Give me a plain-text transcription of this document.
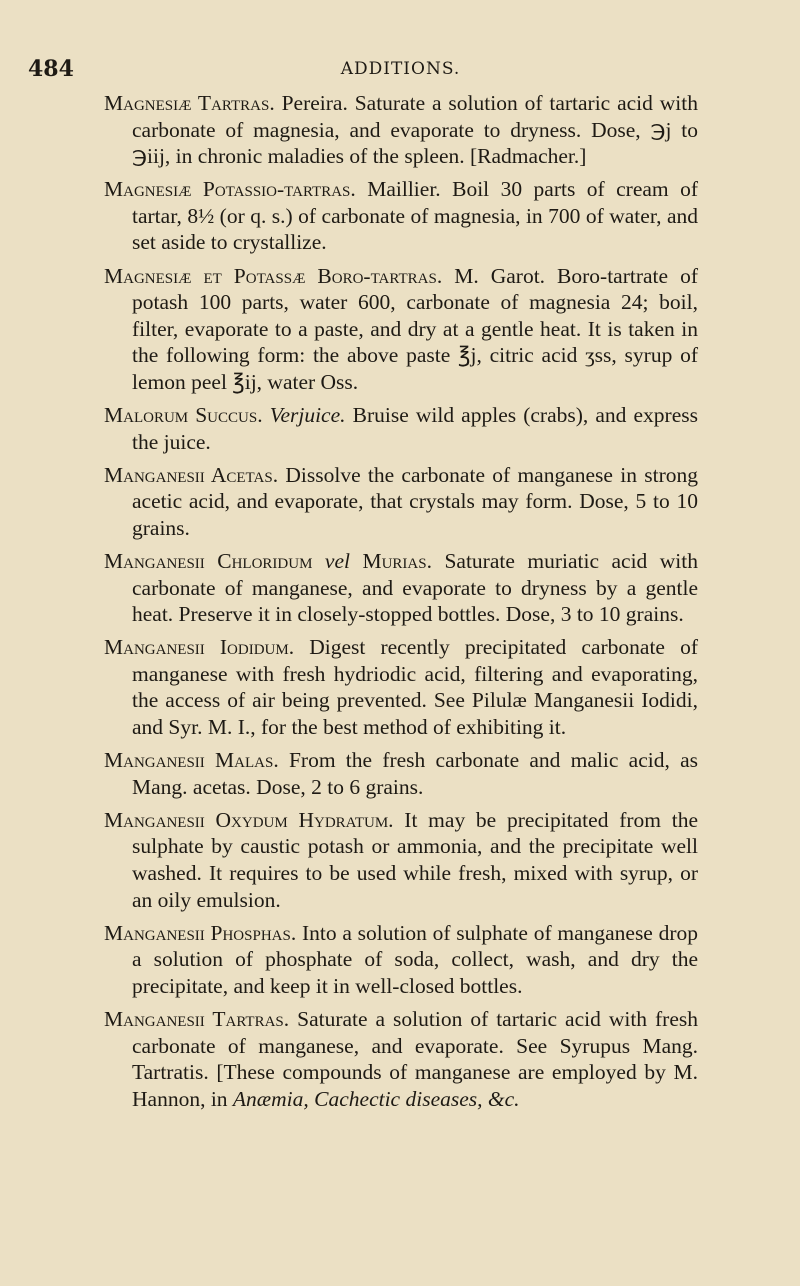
484	ADDITIONS.

Magnesiæ Tartras. Pereira. Saturate a solution of tartaric acid with carbonate of magnesia, and evaporate to dryness. Dose, ℈j to ℈iij, in chronic maladies of the spleen. [Radmacher.]

Magnesiæ Potassio-tartras. Maillier. Boil 30 parts of cream of tartar, 8½ (or q. s.) of carbonate of magnesia, in 700 of water, and set aside to crystallize.

Magnesiæ et Potassæ Boro-tartras. M. Garot. Boro-tartrate of potash 100 parts, water 600, carbonate of magnesia 24; boil, filter, evaporate to a paste, and dry at a gentle heat. It is taken in the following form: the above paste ℥j, citric acid ʒss, syrup of lemon peel ℥ij, water Oss.

Malorum Succus. Verjuice. Bruise wild apples (crabs), and express the juice.

Manganesii Acetas. Dissolve the carbonate of manganese in strong acetic acid, and evaporate, that crystals may form. Dose, 5 to 10 grains.

Manganesii Chloridum vel Murias. Saturate muriatic acid with carbonate of manganese, and evaporate to dryness by a gentle heat. Preserve it in closely-stopped bottles. Dose, 3 to 10 grains.

Manganesii Iodidum. Digest recently precipitated carbonate of manganese with fresh hydriodic acid, filtering and evaporating, the access of air being prevented. See Pilulæ Manganesii Iodidi, and Syr. M. I., for the best method of exhibiting it.

Manganesii Malas. From the fresh carbonate and malic acid, as Mang. acetas. Dose, 2 to 6 grains.

Manganesii Oxydum Hydratum. It may be precipitated from the sulphate by caustic potash or ammonia, and the precipitate well washed. It requires to be used while fresh, mixed with syrup, or an oily emulsion.

Manganesii Phosphas. Into a solution of sulphate of manganese drop a solution of phosphate of soda, collect, wash, and dry the precipitate, and keep it in well-closed bottles.

Manganesii Tartras. Saturate a solution of tartaric acid with fresh carbonate of manganese, and evaporate. See Syrupus Mang. Tartratis. [These compounds of manganese are employed by M. Hannon, in Anæmia, Cachectic diseases, &c.
